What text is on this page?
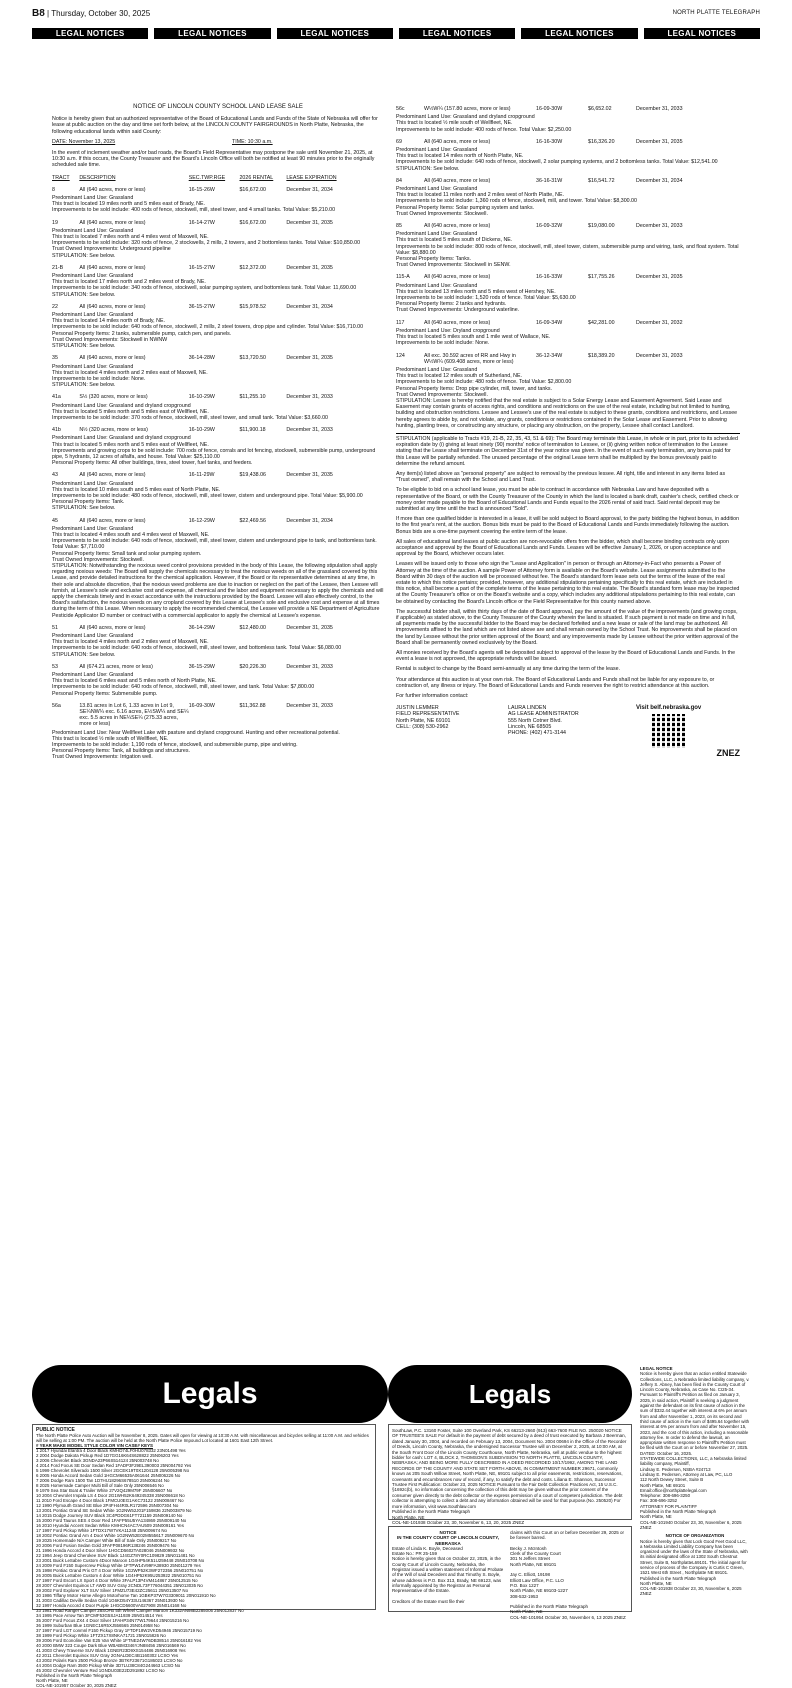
B8 | Thursday, October 30, 2025	NORTH PLATTE TELEGRAPH
LEGAL NOTICES	LEGAL NOTICES	LEGAL NOTICES	LEGAL NOTICES	LEGAL NOTICES	LEGAL NOTICES
NOTICE OF LINCOLN COUNTY SCHOOL LAND LEASE SALE

Notice is hereby given that an authorized representative of the Board of Educational Lands and Funds of the State of Nebraska will offer for lease at public auction on the day and time set forth below, at the LINCOLN COUNTY FAIRGROUNDS in North Platte, Nebraska, the following educational lands within said County:

DATE: November 13, 2025	TIME: 10:30 a.m.

In the event of inclement weather and/or bad roads, the Board's Field Representative may postpone the sale until November 21, 2025, at 10:30 a.m. If this occurs, the County Treasurer and the Board's Lincoln Office will both be notified at least 90 minutes prior to the originally scheduled sale time.

TRACT	DESCRIPTION	SEC.TWP.RGE	2026 RENTAL	LEASE EXPIRATION
8	All (640 acres, more or less)	16-15-26W	$16,672.00	December 31, 2034
Predominant Land Use: Grassland
This tract is located 19 miles north and 5 miles east of Brady, NE.
Improvements to be sold include: 400 rods of fence, stockwell, mill, steel tower, and 4 small tanks. Total Value: $5,210.00
19	All (640 acres, more or less)	16-14-27W	$16,672.00	December 31, 2035
Predominant Land Use: Grassland
This tract is located 7 miles north and 4 miles west of Maxwell, NE.
Improvements to be sold include: 320 rods of fence, 2 stockwells, 2 mills, 2 towers, and 2 bottomless tanks. Total Value: $10,850.00
Trust Owned Improvements: Underground pipeline
STIPULATION: See below.
21-B	All (640 acres, more or less)	16-15-27W	$12,372.00	December 31, 2035
Predominant Land Use: Grassland
This tract is located 17 miles north and 2 miles west of Brady, NE.
Improvements to be sold include: 340 rods of fence, stockwell, solar pumping system, and bottomless tank. Total Value: 11,690.00
STIPULATION: See below.
22	All (640 acres, more or less)	36-15-27W	$15,978.52	December 31, 2034
Predominant Land Use: Grassland
This tract is located 14 miles north of Brady, NE.
Improvements to be sold include: 640 rods of fence, stockwell, 2 mills, 2 steel towers, drop pipe and cylinder. Total Value: $16,710.00
Personal Property Items: 2 tanks, submersible pump, catch pen, and panels.
Trust Owned Improvements: Stockwell in NWNW
STIPULATION: See below.
35	All (640 acres, more or less)	36-14-28W	$13,720.50	December 31, 2035
Predominant Land Use: Grassland
This tract is located 4 miles north and 2 miles east of Maxwell, NE.
Improvements to be sold include: None.
STIPULATION: See below.
41a	S½ (320 acres, more or less)	16-10-29W	$11,255.10	December 31, 2033
Predominant Land Use: Grassland and dryland cropground
This tract is located 5 miles north and 5 miles east of Wellfleet, NE.
Improvements to be sold include: 370 rods of fence, stockwell, mill, steel tower, and small tank. Total Value: $3,660.00
41b	N½ (320 acres, more or less)	16-10-29W	$11,900.18	December 31, 2033
Predominant Land Use: Grassland and dryland cropground
This tract is located 5 miles north and 5 miles east of Wellfleet, NE.
Improvements and growing crops to be sold include: 700 rods of fence, corrals and lot fencing, stockwell, submersible pump, underground pipe, 5 hydrants, 12 acres of alfalfa, and house. Total Value: $25,110.00
Personal Property Items: All other buildings, tires, steel tower, fuel tanks, and feeders.
43	All (640 acres, more or less)	16-11-29W	$19,438.06	December 31, 2035
Predominant Land Use: Grassland
This tract is located 10 miles south and 5 miles east of North Platte, NE.
Improvements to be sold include: 480 rods of fence, stockwell, mill, steel tower, cistern and underground pipe. Total Value: $5,900.00
Personal Property Items: Tank.
STIPULATION: See below.
45	All (640 acres, more or less)	16-12-29W	$22,469.56	December 31, 2034
Predominant Land Use: Grassland
This tract is located 4 miles south and 4 miles west of Maxwell, NE.
Improvements to be sold include: 640 rods of fence, stockwell, mill, steel tower, cistern and underground pipe to tank, and bottomless tank. Total Value: $7,710.00
Personal Property Items: Small tank and solar pumping system.
Trust Owned Improvements: Stockwell.
STIPULATION: Notwithstanding the noxious weed control provisions provided in the body of this Lease, the following stipulation shall apply regarding noxious weeds: The Board will supply the chemicals necessary to treat the noxious weeds on all of the grassland covered by this Lease, and provide detailed instructions for the chemical application. However, if the Board or its representative determines at any time, in their sole and absolute discretion, that the noxious weed problems are due to inaction or neglect on the part of the Lessee, then Lessee will furnish, at Lessee's sole and exclusive cost and expense, all chemical and the labor and equipment necessary to apply the chemicals and will apply the chemicals timely and in exact accordance with the instructions provided by the Board. Lessee will also effectively control, to the Board's satisfaction, the noxious weeds on any cropland covered by this Lease at Lessee's sole and exclusive cost and expense at all times during the term of this Lease. When necessary to apply the recommended chemical, the Lessee will provide a NE Department of Agriculture Pesticide Applicator ID number or contract with a commercial applicator to apply the chemical at Lessee's expense.
51	All (640 acres, more or less)	36-14-29W	$12,480.00	December 31, 2035
Predominant Land Use: Grassland
This tract is located 4 miles north and 2 miles west of Maxwell, NE.
Improvements to be sold include: 640 rods of fence, stockwell, mill, steel tower, and bottomless tank. Total Value: $6,080.00
STIPULATION: See below.
53	All (674.21 acres, more or less)	36-15-29W	$20,226.30	December 31, 2033
Predominant Land Use: Grassland
This tract is located 6 miles east and 5 miles north of North Platte, NE.
Improvements to be sold include: 640 rods of fence, stockwell, mill, steel tower, and tank. Total Value: $7,800.00
Personal Property Items: Submersible pump.
56a	13.81 acres in Lot 6, 1.33 acres in Lot 9, SE¼NW¼ exc. 6.16 acres, E½SW¼ and SE¼ exc. 5.5 acres in NE¼SE¼ (275.33 acres, more or less)
16-09-30W	$11,362.88	December 31, 2033
Predominant Land Use: Near Wellfleet Lake with pasture and dryland cropground. Hunting and other recreational potential.
This tract is located ½ mile south of Wellfleet, NE.
Improvements to be sold include: 1,190 rods of fence, stockwell, and submersible pump, pipe and wiring.
Personal Property Items: Tank, all buildings and structures.
Trust Owned Improvements: Irrigation well.
56c	W½W¼ (157.80 acres, more or less)	16-09-30W	$6,652.02	December 31, 2033
Predominant Land Use: Grassland and dryland cropground
This tract is located ½ mile south of Wellfleet, NE.
Improvements to be sold include: 400 rods of fence. Total Value: $2,250.00
69	All (640 acres, more or less)	16-16-30W	$16,326.20	December 31, 2035
Predominant Land Use: Grassland
This tract is located 14 miles north of North Platte, NE.
Improvements to be sold include: 640 rods of fence, stockwell, 2 solar pumping systems, and 2 bottomless tanks. Total Value: $12,541.00
STIPULATION: See below.
84	All (640 acres, more or less)	36-16-31W	$16,541.72	December 31, 2034
Predominant Land Use: Grassland
This tract is located 11 miles north and 2 miles west of North Platte, NE.
Improvements to be sold include: 1,360 rods of fence, stockwell, mill, and tower. Total Value: $8,300.00
Personal Property Items: Solar pumping system and tanks.
Trust Owned Improvements: Stockwell.
85	All (640 acres, more or less)	16-09-32W	$19,080.00	December 31, 2033
Predominant Land Use: Grassland
This tract is located 5 miles south of Dickens, NE.
Improvements to be sold include: 800 rods of fence, stockwell, mill, steel tower, cistern, submersible pump and wiring, tank, and float system. Total Value: $8,880.00
Personal Property Items: Tanks.
Trust Owned Improvements: Stockwell in SENW.
115-A	All (640 acres, more or less)	16-16-33W	$17,755.26	December 31, 2035
Predominant Land Use: Grassland
This tract is located 13 miles north and 5 miles west of Hershey, NE.
Improvements to be sold include: 1,520 rods of fence. Total Value: $5,630.00
Personal Property Items: 2 tanks and hydrants.
Trust Owned Improvements: Underground waterline.
117	All (640 acres, more or less)	16-09-34W	$42,281.00	December 31, 2032
Predominant Land Use: Dryland cropground
This tract is located 5 miles south and 1 mile west of Wallace, NE.
Improvements to be sold include: None.
124	All exc. 30.592 acres of RR and Hwy in W½W¼ (609.408 acres, more or less)
36-12-34W	$18,389.20	December 31, 2033
Predominant Land Use: Grassland
This tract is located 12 miles south of Sutherland, NE.
Improvements to be sold include: 480 rods of fence. Total Value: $2,800.00
Personal Property Items: Drop pipe cylinder, mill, tower, and tanks.
Trust Owned Improvements: Stockwell.
STIPULATION: Lessee is hereby notified that the real estate is subject to a Solar Energy Lease and Easement Agreement. Said Lease and Easement may contain grants of access rights, and conditions and restrictions on the use of the real estate, including but not limited to hunting, building and obstruction restrictions. Lessee and Lessee's use of the real estate is subject to these grants, conditions and restrictions, and Lessee hereby agrees to abide by, and not violate, any grants, conditions or restrictions contained in the Solar Lease and Easement. Prior to allowing hunting, planting trees, or constructing any structure, or placing any obstruction, on the property, Lessee shall contact Landlord.

STIPULATION (applicable to Tracts #19, 21-B, 22, 35, 43, 51 & 69): The Board may terminate this Lease, in whole or in part, prior to its scheduled expiration date by (i) giving at least ninety (90) months' notice of termination to Lessee, or (ii) giving written notice of termination to the Lessee stating that the Lease shall terminate on December 31st of the year notice was given. In the event of such early termination, any bonus paid for this Lease will be partially refunded. The unused percentage of the original Lease term shall be multiplied by the bonus previously paid to determine the refund amount.

Any item(s) listed above as "personal property" are subject to removal by the previous lessee. All right, title and interest in any items listed as "Trust owned", shall remain with the School and Land Trust.

To be eligible to bid on a school land lease, you must be able to contract in accordance with Nebraska Law and have deposited with a representative of the Board, or with the County Treasurer of the County in which the land is located a bank draft, cashier's check, certified check or money order made payable to the Board of Educational Lands and Funds equal to the 2026 rental of said tract. Said rental deposit may be submitted at any time until the tract is announced "Sold".

If more than one qualified bidder is interested in a lease, it will be sold subject to Board approval, to the party bidding the highest bonus, in addition to the first year's rent, at the auction. Bonus bids must be paid to the Board of Educational Lands and Funds immediately following the auction. Bonus bids are a one-time payment covering the entire term of the lease.

All sales of educational land leases at public auction are non-revocable offers from the bidder, which shall become binding contracts only upon acceptance and approval by the Board of Educational Lands and Funds. Leases will be effective January 1, 2026, or upon acceptance and approval by the Board, whichever occurs later.

Leases will be issued only to those who sign the "Lease and Application" in person or through an Attorney-in-Fact who presents a Power of Attorney at the time of the auction. A sample Power of Attorney form is available on the Board's website. Lease assignments submitted to the Board within 30 days of the auction will be processed without fee. The Board's standard form lease sets out the terms of the lease of the real estate to which this notice pertains; provided, however, any additional stipulations pertaining specifically to this real estate, which are included in this notice, shall become a part of the complete terms of the lease pertaining to this real estate. The Board's standard form lease may be inspected at the County Treasurer's office or on the Board's website and a copy, which includes any additional stipulations pertaining to this real estate, can be obtained by contacting the Board's Lincoln office or the Field Representative for this county named above.

The successful bidder shall, within thirty days of the date of Board approval, pay the amount of the value of the improvements (and growing crops, if applicable) as stated above, to the County Treasurer of the County wherein the land is situated. If such payment is not made on time and in full, all payments made by the successful bidder to the Board may be declared forfeited and a new lease or sale of the land may be authorized. All improvements affixed to the land which are not listed above are and shall remain owned by the School Trust. No improvements shall be placed on the land by Lessee without the prior written approval of the Board; and any improvements made by Lessee without the prior written approval of the Board shall be permanently owned exclusively by the Board.

All monies received by the Board's agents will be deposited subject to approval of the lease by the Board of Educational Lands and Funds. In the event a lease is not approved, the appropriate refunds will be issued.

Rental is subject to change by the Board semi-annually at any time during the term of the lease.

Your attendance at this auction is at your own risk. The Board of Educational Lands and Funds shall not be liable for any exposure to, or contraction of, any illness or injury. The Board of Educational Lands and Funds reserves the right to restrict attendance at this auction.

For further information contact:

JUSTIN LEMMER
FIELD REPRESENTATIVE
North Platte, NE 69101
CELL: (308) 530-2962
LAURA LINDEN
AG LEASE ADMINISTRATOR
555 North Cotner Blvd.
Lincoln, NE 68505
PHONE: (402) 471-3144
Visit belf.nebraska.gov
ZNEZ
Legals	Legals
PUBLIC NOTICE
The North Platte Police Auto Auction will be November 8, 2025. Gates will open for viewing at 10:30 A.M. with miscellaneous and bicycles selling at 11:00 A.M. and vehicles will be selling at 1:00 PM. The auction will be held at the North Platte Police Impound Lot located at 1601 East 12th Street.
# YEAR MAKE MODEL STYLE COLOR VIN CASE# KEYS
1 2017 Hyundai Elantra 4 Door Black KMHD74LF0HU078332 23N01498 Yes
2 2004 Dodge Dakota Pickup Red 1D7GG16K64S628822 25N06203 Yes
3 2006 Chevrolet Black 3GNDA23P66S514124 25N003748 No
4 2014 Ford Focus SE Door Sedan Red 1FADP3F29EL390003 25N004792 Yes
5 1999 Chevrolet Silverado 1500 Silver 2GCEK19T0X1204128 25N005398 No
6 2005 Honda Accord Sedan Gold 1HGCM66535A061644 25N006226 No
7 2006 Dodge Ram 1500 Tan 1D7HU18296S678510 25N006244 No
8 2025 Homemade Camper Multi Bill of Sale Only 25N006546 No
9 1979 Sea Star Boat & Trailer White 27V2Q429M79F 25N006607 No
10 2004 Chevrolet Impala LS 4 Door 2G1WH52K649245338 25N006618 No
11 2010 Ford Escape 4 Door Black 1FMCU0EG1AKC73122 25N008467 No
12 1990 Plymouth Grand SE Blue 2P4FH44R0LR172596 25N007304 No
13 2001 Pontiac Grand SE Sedan White 1G2NW52J01F159836 22N003879 No
14 2015 Dodge Journey SUV Black 3C4PDDG61FT721159 25N009140 No
15 2000 Ford Taurus SES 4 Door Red 1FAFP55U5YA134869 25N009140 No
16 2010 Hyundai Accent Sedan White KMHCN4AC7AU509 25N009161 Yes
17 1997 Ford Pickup White 1FTDX17W7VKA11248 25N009674 No
18 2002 Pontiac Grand Am 4 Door White 1G2NW52E02M555617 25N009670 No
19 2025 Homemade N/A Camper White Bill of Sale Only 25N009217 No
20 2006 Ford Fusion Sedan Gold 3FAFP08196R138246 25N009476 No
21 1996 Honda Accord 4 Door Silver 1HGCD5602TA028046 25N009932 No
22 1994 Jeep Grand Cherokee SUV Black 1J4GZ78Y0RC109829 25N011481 No
23 2001 Buick LeSabre Custom 4Door Maroon 1G4HP54K51U259448 25N010708 No
24 2009 Ford F150 Supercrew Pickup White 1FTPW14V99FA38930 25N011279 Yes
25 1998 Pontiac Grand Prix GT 4 Door White 1G2WP52K3WF272356 25N010751 No
26 2005 Buick LeSabre Custom 4 door White 1G4HP52K95U253922 25N010751 No
27 1997 Ford Escort LX Sport 4 Door White 3FALP13P4VM414867 25N012515 No
28 2007 Chevrolet Equinox LT AWD SUV Gray 2CNDL73F776044351 25N013035 No
29 2002 Ford Explorer XLT SUV Silver 1FMZU73E42ZC25611 25N013507 No
30 1986 Tiffany Motor Home Allegro Motorhome Tan 1GBKP37W7G3309011 20N011910 No
31 2003 Cadillac Deville Sedan Gold 1G6KD54Y33U146367 25N013930 No
32 1997 Honda Accord 4 Door Purple 1HGCD5600VA027908 25N014168 No
33 1981 Road Ranger Camper 28SOFB 5th Wheel Camper Maroon 1K332AN98B2285005 25N012837 No
34 1995 Pace Arrow Tan 3FCMF53G5SJA11939 25N014514 Yes
35 2007 Ford Focus ZX4 4 Door Silver 1FAHP34N77W179644 25N015216 No
36 1999 Suburban Blue 1GNEC16R5XJ556565 25N014958 No
37 1997 Ford LGT conmnl F150 Pickup Gray 1FTDF18W2VKD54946 25N015719 No
38 1999 Ford Pickup White 1FTZX17X8NKA71721 25N015826 No
39 2006 Ford Econoline Van E25 Van White 1FTNE24W76DB38514 25N016182 Yes
40 2000 BMW 323 Coupe Dark Blue WBABM3346YJN88456 25N016569 No
41 2003 Chevy Traverse SUV Black 1GNER23D9XS154486 25N016908 Yes
42 2011 Chevrolet Equinox SUV Gray 2GNALDEC4B1160302 LCSO Yes
43 2002 Polaris Ram 2500 Pickup Bronze 3B7KF23671G186023 LCSO No
44 2004 Dodge Ram 3500 Pickup White 3D7LU38C84G244663 LCSO No
45 2002 Chevrolet Venture Red 1GNDU03E22D291892 LCSO No
Published in the North Platte Telegraph
North Platte, NE
COL-NE-101957 October 30, 2025 ZNEZ
SouthLaw, P.C. 13160 Foster, Suite 100 Overland Park, KS 66213-2660 (913) 663-7600 FILE NO. 250020 NOTICE OF TRUSTEE'S SALE For default in the payment of debt secured by a deed of trust executed by Barbara J Beerman, dated January 30, 2004, and recorded on February 13, 2004, Document No. 2004 00694 in the Office of the Recorder of Deeds, Lincoln County, Nebraska, the undersigned Successor Trustee will on December 2, 2025, at 10:00 AM, at the South Front Door of the Lincoln County Courthouse, North Platte, Nebraska, sell at public vendue to the highest bidder for cash: LOT 4, BLOCK 2, THOMSON'S SUBDIVISION TO NORTH PLATTE, LINCOLN COUNTY, NEBRASKA; AND BEING MORE FULLY DESCRIBED IN A DEED RECORDED 10/17/1992, AMONG THE LAND RECORDS OF THE COUNTY AND STATE SET FORTH ABOVE, IN COMMITMENT NUMBER 29671, commonly known as 205 South Willow Street, North Platte, NE, 69101 subject to all prior easements, restrictions, reservations, covenants and encumbrances now of record, if any, to satisfy the debt and costs. Liliana E. Shannon, Successor Trustee First Publication: October 23, 2025 NOTICE Pursuant to the Fair Debt Collection Practices Act, 15 U.S.C. §1692c(b), no information concerning the collection of this debt may be given without the prior consent of the consumer given directly to the debt collector or the express permission of a court of competent jurisdiction. The debt collector is attempting to collect a debt and any information obtained will be used for that purpose.(No. 250520) For more information, visit www.Southlaw.com
Published in the North Platte Telegraph
North Platte, NE
COL-NE-101938 October 23, 30, November 6, 13, 20, 2025 ZNEZ
NOTICE
IN THE COUNTY COURT OF LINCOLN COUNTY, NEBRASKA
Estate of Linda K. Boyle, Deceased
Estate No.: PR 25-159
Notice is hereby given that on October 22, 2025, in the County Court of Lincoln County, Nebraska, the Registrar issued a written statement of Informal Probate of the Will of said Decedent and that Timothy S. Boyle, whose address is P.O. Box 313, Brady, NE 69123, was informally appointed by the Registrar as Personal Representative of the Estate.

Creditors of the Estate must file their
claims with this Court on or before December 29, 2025 or be forever barred.

Becky J. McIntosh
Clerk of the County Court
301 N Jeffers Street
North Platte, NE 69101

Jay C. Elliott, 19198
Elliott Law Office, P.C. LLO
P.O. Box 1227
North Platte, NE 69103-1227
308-532-1953

Published in the North Platte Telegraph
North Platte, NE
COL-NE-101954 October 30, November 6, 13 2025 ZNEZ
LEGAL NOTICE
Notice is hereby given that an action entitled Statewide Collections, LLC, a Nebraska limited liability company, v. Jeffery S. Abney, has been filed in the County Court of Lincoln County, Nebraska, as Case No. CI25-34. Pursuant to Plaintiff's Petition as filed on January 3, 2025, in said action, Plaintiff is seeking a judgment against the defendant on its first cause of action in the sum of $332.44 together with interest at 6% per annum from and after November 1, 2023, on its second and third cause of action in the sum of $495.64 together with interest at 6% per annum from and after November 15, 2023, and the cost of this action, including a reasonable attorney fee. In order to defend the lawsuit, an appropriate written response to Plaintiff's Petition must be filed with the Court on or before November 27, 2025.
DATED: October 16, 2025.
STATEWIDE COLLECTIONS, LLC, a Nebraska limited liability company, Plaintiff,
Lindsay E. Pedersen, NSBA #24713
Lindsay E. Pedersen, Attorney at Law, PC, LLO
112 North Dewey Street, Suite B
North Platte, NE 69101
Email:office@northplattelegal.com
Telephone: 308-696-3250
Fax: 308-696-3252
ATTORNEY FOR PLAINTIFF
Published in the North Platte Telegraph
North Platte, NE
COL-NE-101940 October 23, 30, November 6, 2025 ZNEZ
NOTICE OF ORGANIZATION
Notice is hereby given that Lock Good Feet Good LLC, a Nebraska Limited Liability Company has been organized under the laws of the State of Nebraska, with its initial designated office at 1302 South Chestnut Street, Suite B, NorthplatteL69101. The initial agent for service of process of the Company is Curtis C Green, 1521 West 6th Street , Northplatte NE 69101.
Published in the North Platte Telegraph
North Platte, NE
COL-NE-101938 October 23, 30, November 6, 2025 ZNEZ
